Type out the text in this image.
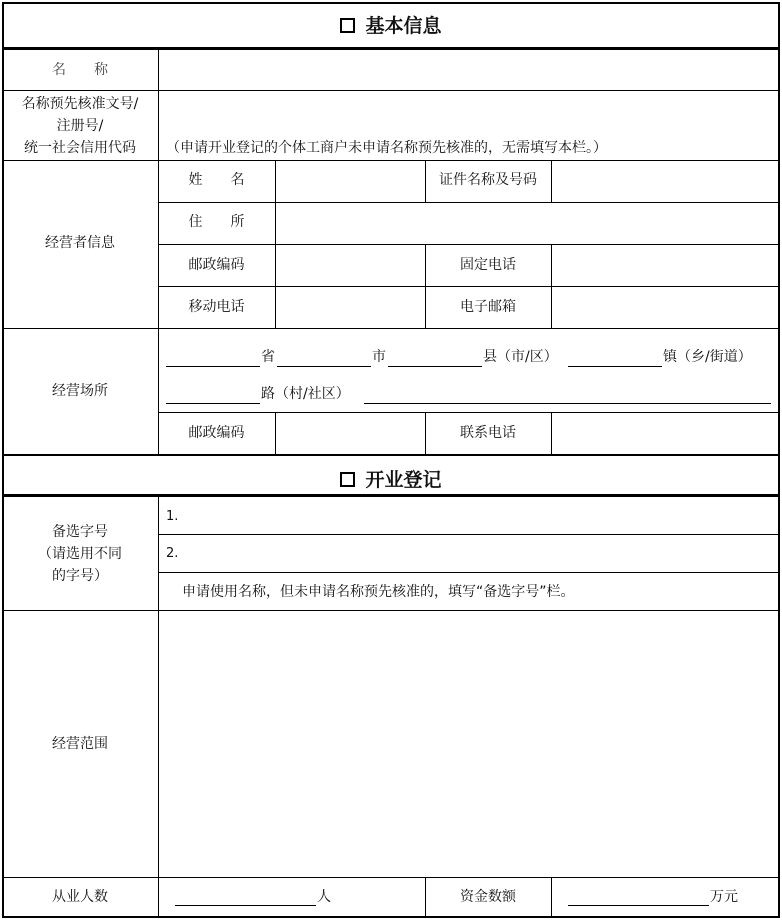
基本信息
名　　称
名称预先核准文号/
注册号/
统一社会信用代码	（申请开业登记的个体工商户未申请名称预先核准的，无需填写本栏。）
经营者信息
姓　　名	证件名称及号码
住　　所
邮政编码	固定电话
移动电话	电子邮箱
经营场所
省	市	县（市/区）	镇（乡/街道）
路（村/社区）
邮政编码	联系电话
开业登记
备选字号
（请选用不同
的字号）
1.
2.
申请使用名称，但未申请名称预先核准的，填写“备选字号”栏。
经营范围
从业人数	人	资金数额	万元
